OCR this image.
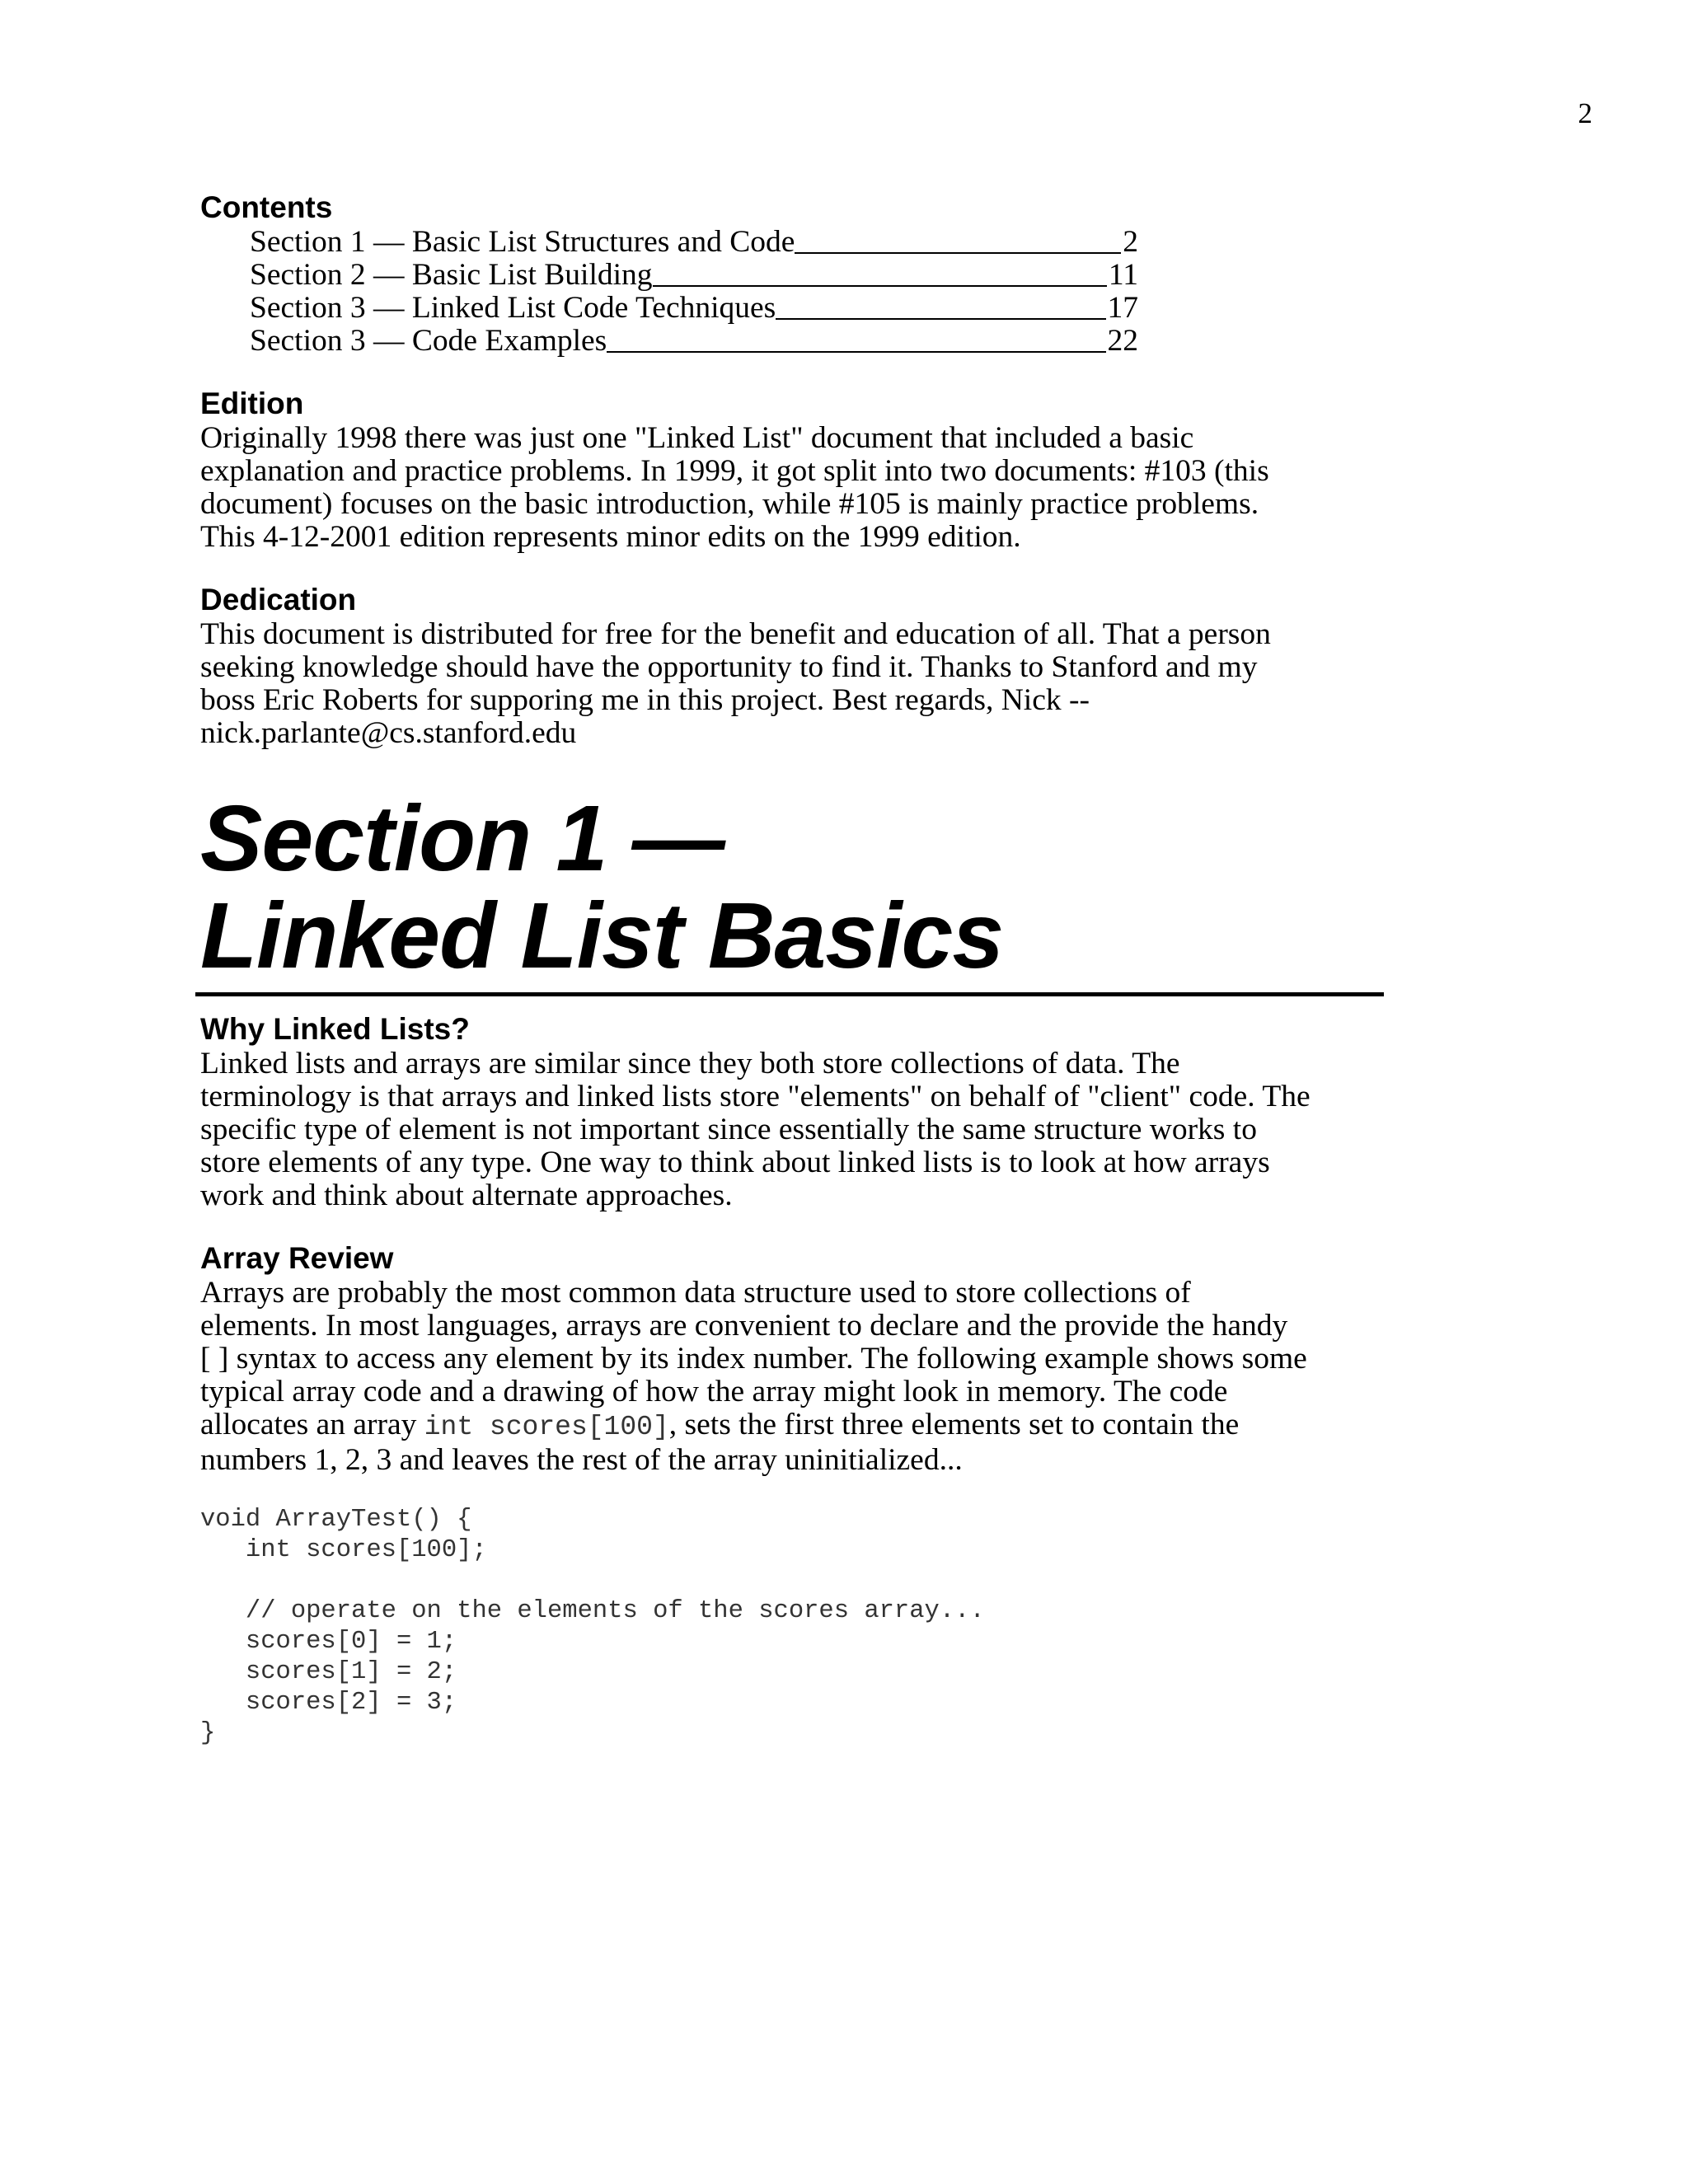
2

Contents

Section 1 — Basic List Structures and Code	2
Section 2 — Basic List Building	11
Section 3 — Linked List Code Techniques	17
Section 3 — Code Examples	22

Edition

Originally 1998 there was just one "Linked List" document that included a basic
explanation and practice problems. In 1999, it got split into two documents: #103 (this
document) focuses on the basic introduction, while #105 is mainly practice problems.
This 4-12-2001 edition represents minor edits on the 1999 edition.

Dedication

This document is distributed for free for the benefit and education of all. That a person
seeking knowledge should have the opportunity to find it. Thanks to Stanford and my
boss Eric Roberts for supporing me in this project. Best regards, Nick --
nick.parlante@cs.stanford.edu
Section 1 —
Linked List Basics

Why Linked Lists?

Linked lists and arrays are similar since they both store collections of data. The
terminology is that arrays and linked lists store "elements" on behalf of "client" code. The
specific type of element is not important since essentially the same structure works to
store elements of any type. One way to think about linked lists is to look at how arrays
work and think about alternate approaches.

Array Review

Arrays are probably the most common data structure used to store collections of
elements. In most languages, arrays are convenient to declare and the provide the handy
[ ] syntax to access any element by its index number. The following example shows some
typical array code and a drawing of how the array might look in memory. The code
allocates an array int scores[100], sets the first three elements set to contain the
numbers 1, 2, 3 and leaves the rest of the array uninitialized...
void ArrayTest() {
int scores[100];

// operate on the elements of the scores array...
scores[0] = 1;
scores[1] = 2;
scores[2] = 3;
}
